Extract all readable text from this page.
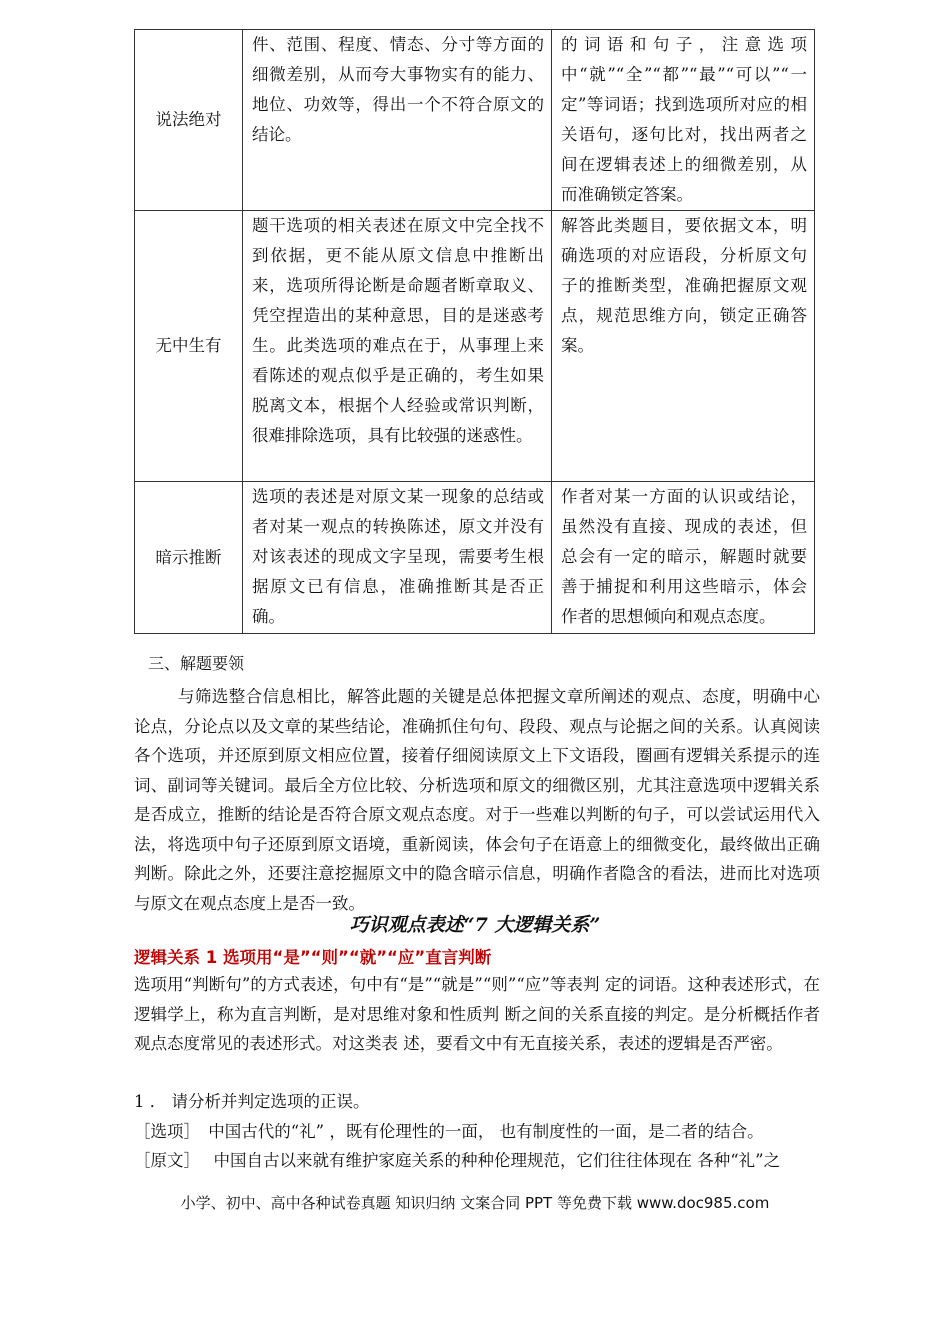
说法绝对	件、范围、程度、情态、分寸等方面的细微差别，从而夸大事物实有的能力、地位、功效等，得出一个不符合原文的结论。	的词语和句子，注意选项中“就”“全”“都”“最”“可以”“一定”等词语；找到选项所对应的相关语句，逐句比对，找出两者之间在逻辑表述上的细微差别，从而准确锁定答案。
无中生有	题干选项的相关表述在原文中完全找不到依据，更不能从原文信息中推断出来，选项所得论断是命题者断章取义、凭空捏造出的某种意思，目的是迷惑考生。此类选项的难点在于，从事理上来看陈述的观点似乎是正确的，考生如果脱离文本，根据个人经验或常识判断，很难排除选项，具有比较强的迷惑性。	解答此类题目，要依据文本，明确选项的对应语段，分析原文句子的推断类型，准确把握原文观点，规范思维方向，锁定正确答案。
暗示推断	选项的表述是对原文某一现象的总结或者对某一观点的转换陈述，原文并没有对该表述的现成文字呈现，需要考生根据原文已有信息，准确推断其是否正确。	作者对某一方面的认识或结论，虽然没有直接、现成的表述，但总会有一定的暗示，解题时就要善于捕捉和利用这些暗示，体会作者的思想倾向和观点态度。
三、解题要领
与筛选整合信息相比，解答此题的关键是总体把握文章所阐述的观点、态度，明确中心论点，分论点以及文章的某些结论，准确抓住句句、段段、观点与论据之间的关系。认真阅读各个选项，并还原到原文相应位置，接着仔细阅读原文上下文语段，圈画有逻辑关系提示的连词、副词等关键词。最后全方位比较、分析选项和原文的细微区别，尤其注意选项中逻辑关系是否成立，推断的结论是否符合原文观点态度。对于一些难以判断的句子，可以尝试运用代入法，将选项中句子还原到原文语境，重新阅读，体会句子在语意上的细微变化，最终做出正确判断。除此之外，还要注意挖掘原文中的隐含暗示信息，明确作者隐含的看法，进而比对选项与原文在观点态度上是否一致。
巧识观点表述“7 大逻辑关系”
逻辑关系 1 选项用“是”“则”“就”“应”直言判断
选项用“判断句”的方式表述，句中有“是”“就是”“则”“应”等表判 定的词语。这种表述形式，在逻辑学上，称为直言判断，是对思维对象和性质判 断之间的关系直接的判定。是分析概括作者观点态度常见的表述形式。对这类表 述，要看文中有无直接关系，表述的逻辑是否严密。
1 ． 请分析并判定选项的正误。
［选项］　中国古代的“礼” ，既有伦理性的一面， 也有制度性的一面，是二者的结合。
［原文］　 中国自古以来就有维护家庭关系的种种伦理规范，它们往往体现在 各种“礼”之
小学、初中、高中各种试卷真题 知识归纳 文案合同 PPT 等免费下载 www.doc985.com
